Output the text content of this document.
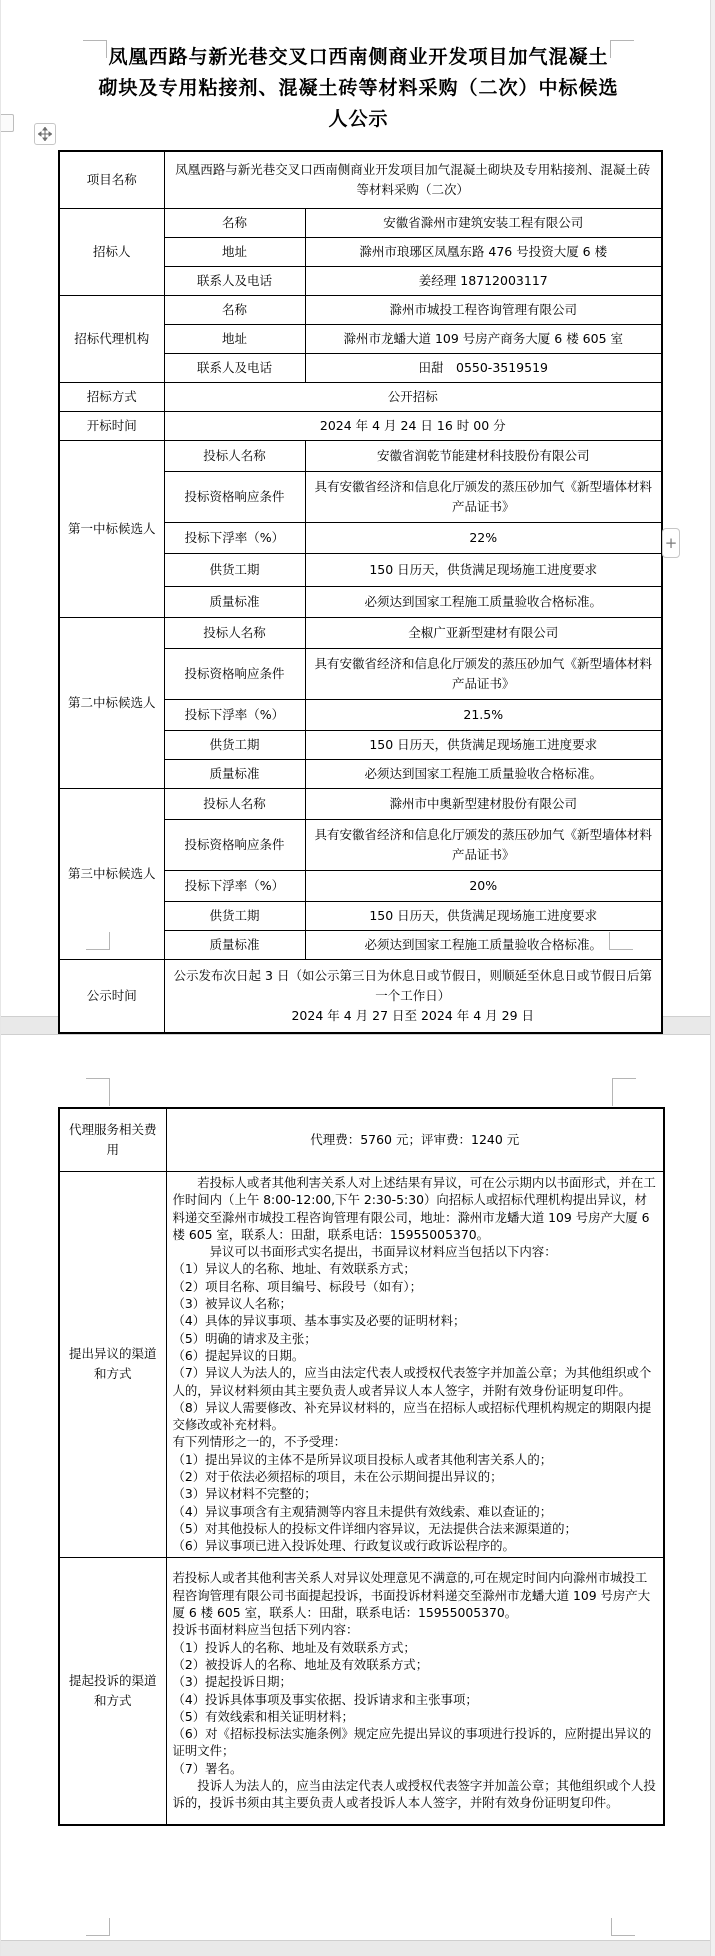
凤凰西路与新光巷交叉口西南侧商业开发项目加气混凝土
砌块及专用粘接剂、混凝土砖等材料采购（二次）中标候选
人公示
+
项目名称	凤凰西路与新光巷交叉口西南侧商业开发项目加气混凝土砌块及专用粘接剂、混凝土砖等材料采购（二次）	
招标人	名称	安徽省滁州市建筑安装工程有限公司
	地址	滁州市琅琊区凤凰东路 476 号投资大厦 6 楼
	联系人及电话	姜经理 18712003117
招标代理机构	名称	滁州市城投工程咨询管理有限公司
	地址	滁州市龙蟠大道 109 号房产商务大厦 6 楼 605 室
	联系人及电话	田甜　0550-3519519
招标方式	公开招标	
开标时间	2024 年 4 月 24 日 16 时 00 分	
第一中标候选人	投标人名称	安徽省润乾节能建材科技股份有限公司
	投标资格响应条件	具有安徽省经济和信息化厅颁发的蒸压砂加气《新型墙体材料产品证书》
	投标下浮率（%）	22%
	供货工期	150 日历天，供货满足现场施工进度要求
	质量标准	必须达到国家工程施工质量验收合格标准。
第二中标候选人	投标人名称	全椒广亚新型建材有限公司
	投标资格响应条件	具有安徽省经济和信息化厅颁发的蒸压砂加气《新型墙体材料产品证书》
	投标下浮率（%）	21.5%
	供货工期	150 日历天，供货满足现场施工进度要求
	质量标准	必须达到国家工程施工质量验收合格标准。
第三中标候选人	投标人名称	滁州市中奥新型建材股份有限公司
	投标资格响应条件	具有安徽省经济和信息化厅颁发的蒸压砂加气《新型墙体材料产品证书》
	投标下浮率（%）	20%
	供货工期	150 日历天，供货满足现场施工进度要求
	质量标准	必须达到国家工程施工质量验收合格标准。
公示时间	公示发布次日起 3 日（如公示第三日为休息日或节假日，则顺延至休息日或节假日后第一个工作日）
2024 年 4 月 27 日至 2024 年 4 月 29 日	
代理服务相关费用	代理费：5760 元；评审费：1240 元
提出异议的渠道和方式	
　　若投标人或者其他利害关系人对上述结果有异议，可在公示期内以书面形式，并在工作时间内（上午 8:00-12:00,下午 2:30-5:30）向招标人或招标代理机构提出异议，材料递交至滁州市城投工程咨询管理有限公司，地址：滁州市龙蟠大道 109 号房产大厦 6 楼 605 室，联系人：田甜，联系电话：15955005370。
　　　异议可以书面形式实名提出，书面异议材料应当包括以下内容：
（1）异议人的名称、地址、有效联系方式；
（2）项目名称、项目编号、标段号（如有）；
（3）被异议人名称；
（4）具体的异议事项、基本事实及必要的证明材料；
（5）明确的请求及主张；
（6）提起异议的日期。
（7）异议人为法人的，应当由法定代表人或授权代表签字并加盖公章；为其他组织或个人的，异议材料须由其主要负责人或者异议人本人签字，并附有效身份证明复印件。
（8）异议人需要修改、补充异议材料的，应当在招标人或招标代理机构规定的期限内提交修改或补充材料。
有下列情形之一的，不予受理：
（1）提出异议的主体不是所异议项目投标人或者其他利害关系人的；
（2）对于依法必须招标的项目，未在公示期间提出异议的；
（3）异议材料不完整的；
（4）异议事项含有主观猜测等内容且未提供有效线索、难以查证的；
（5）对其他投标人的投标文件详细内容异议，无法提供合法来源渠道的；
（6）异议事项已进入投诉处理、行政复议或行政诉讼程序的。

提起投诉的渠道和方式	
若投标人或者其他利害关系人对异议处理意见不满意的,可在规定时间内向滁州市城投工程咨询管理有限公司书面提起投诉，书面投诉材料递交至滁州市龙蟠大道 109 号房产大厦 6 楼 605 室，联系人：田甜，联系电话：15955005370。
投诉书面材料应当包括下列内容：
（1）投诉人的名称、地址及有效联系方式；
（2）被投诉人的名称、地址及有效联系方式；
（3）提起投诉日期；
（4）投诉具体事项及事实依据、投诉请求和主张事项；
（5）有效线索和相关证明材料；
（6）对《招标投标法实施条例》规定应先提出异议的事项进行投诉的，应附提出异议的证明文件；
（7）署名。
　　投诉人为法人的，应当由法定代表人或授权代表签字并加盖公章；其他组织或个人投诉的，投诉书须由其主要负责人或者投诉人本人签字，并附有效身份证明复印件。
